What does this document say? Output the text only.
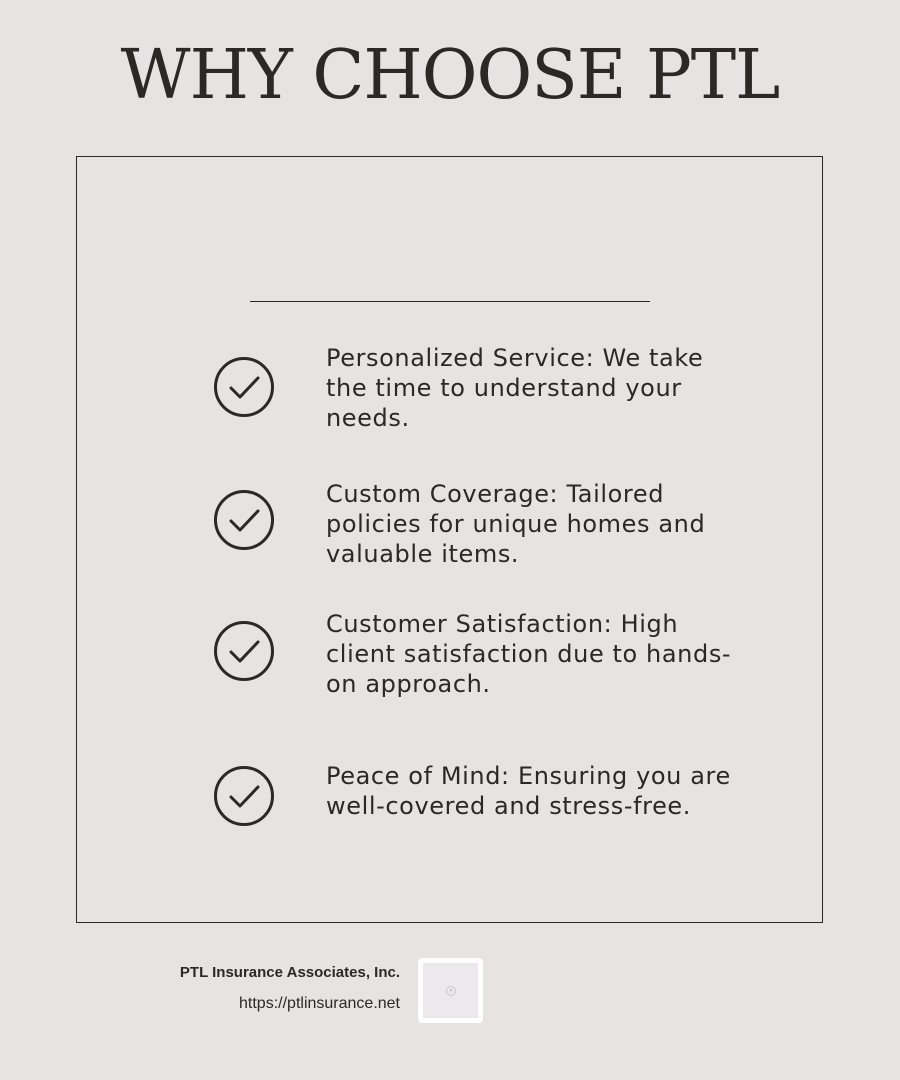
WHY CHOOSE PTL
Personalized Service: We take the time to understand your needs.
Custom Coverage: Tailored policies for unique homes and valuable items.
Customer Satisfaction: High client satisfaction due to hands-on approach.
Peace of Mind: Ensuring you are well-covered and stress-free.
PTL Insurance Associates, Inc.
https://ptlinsurance.net
